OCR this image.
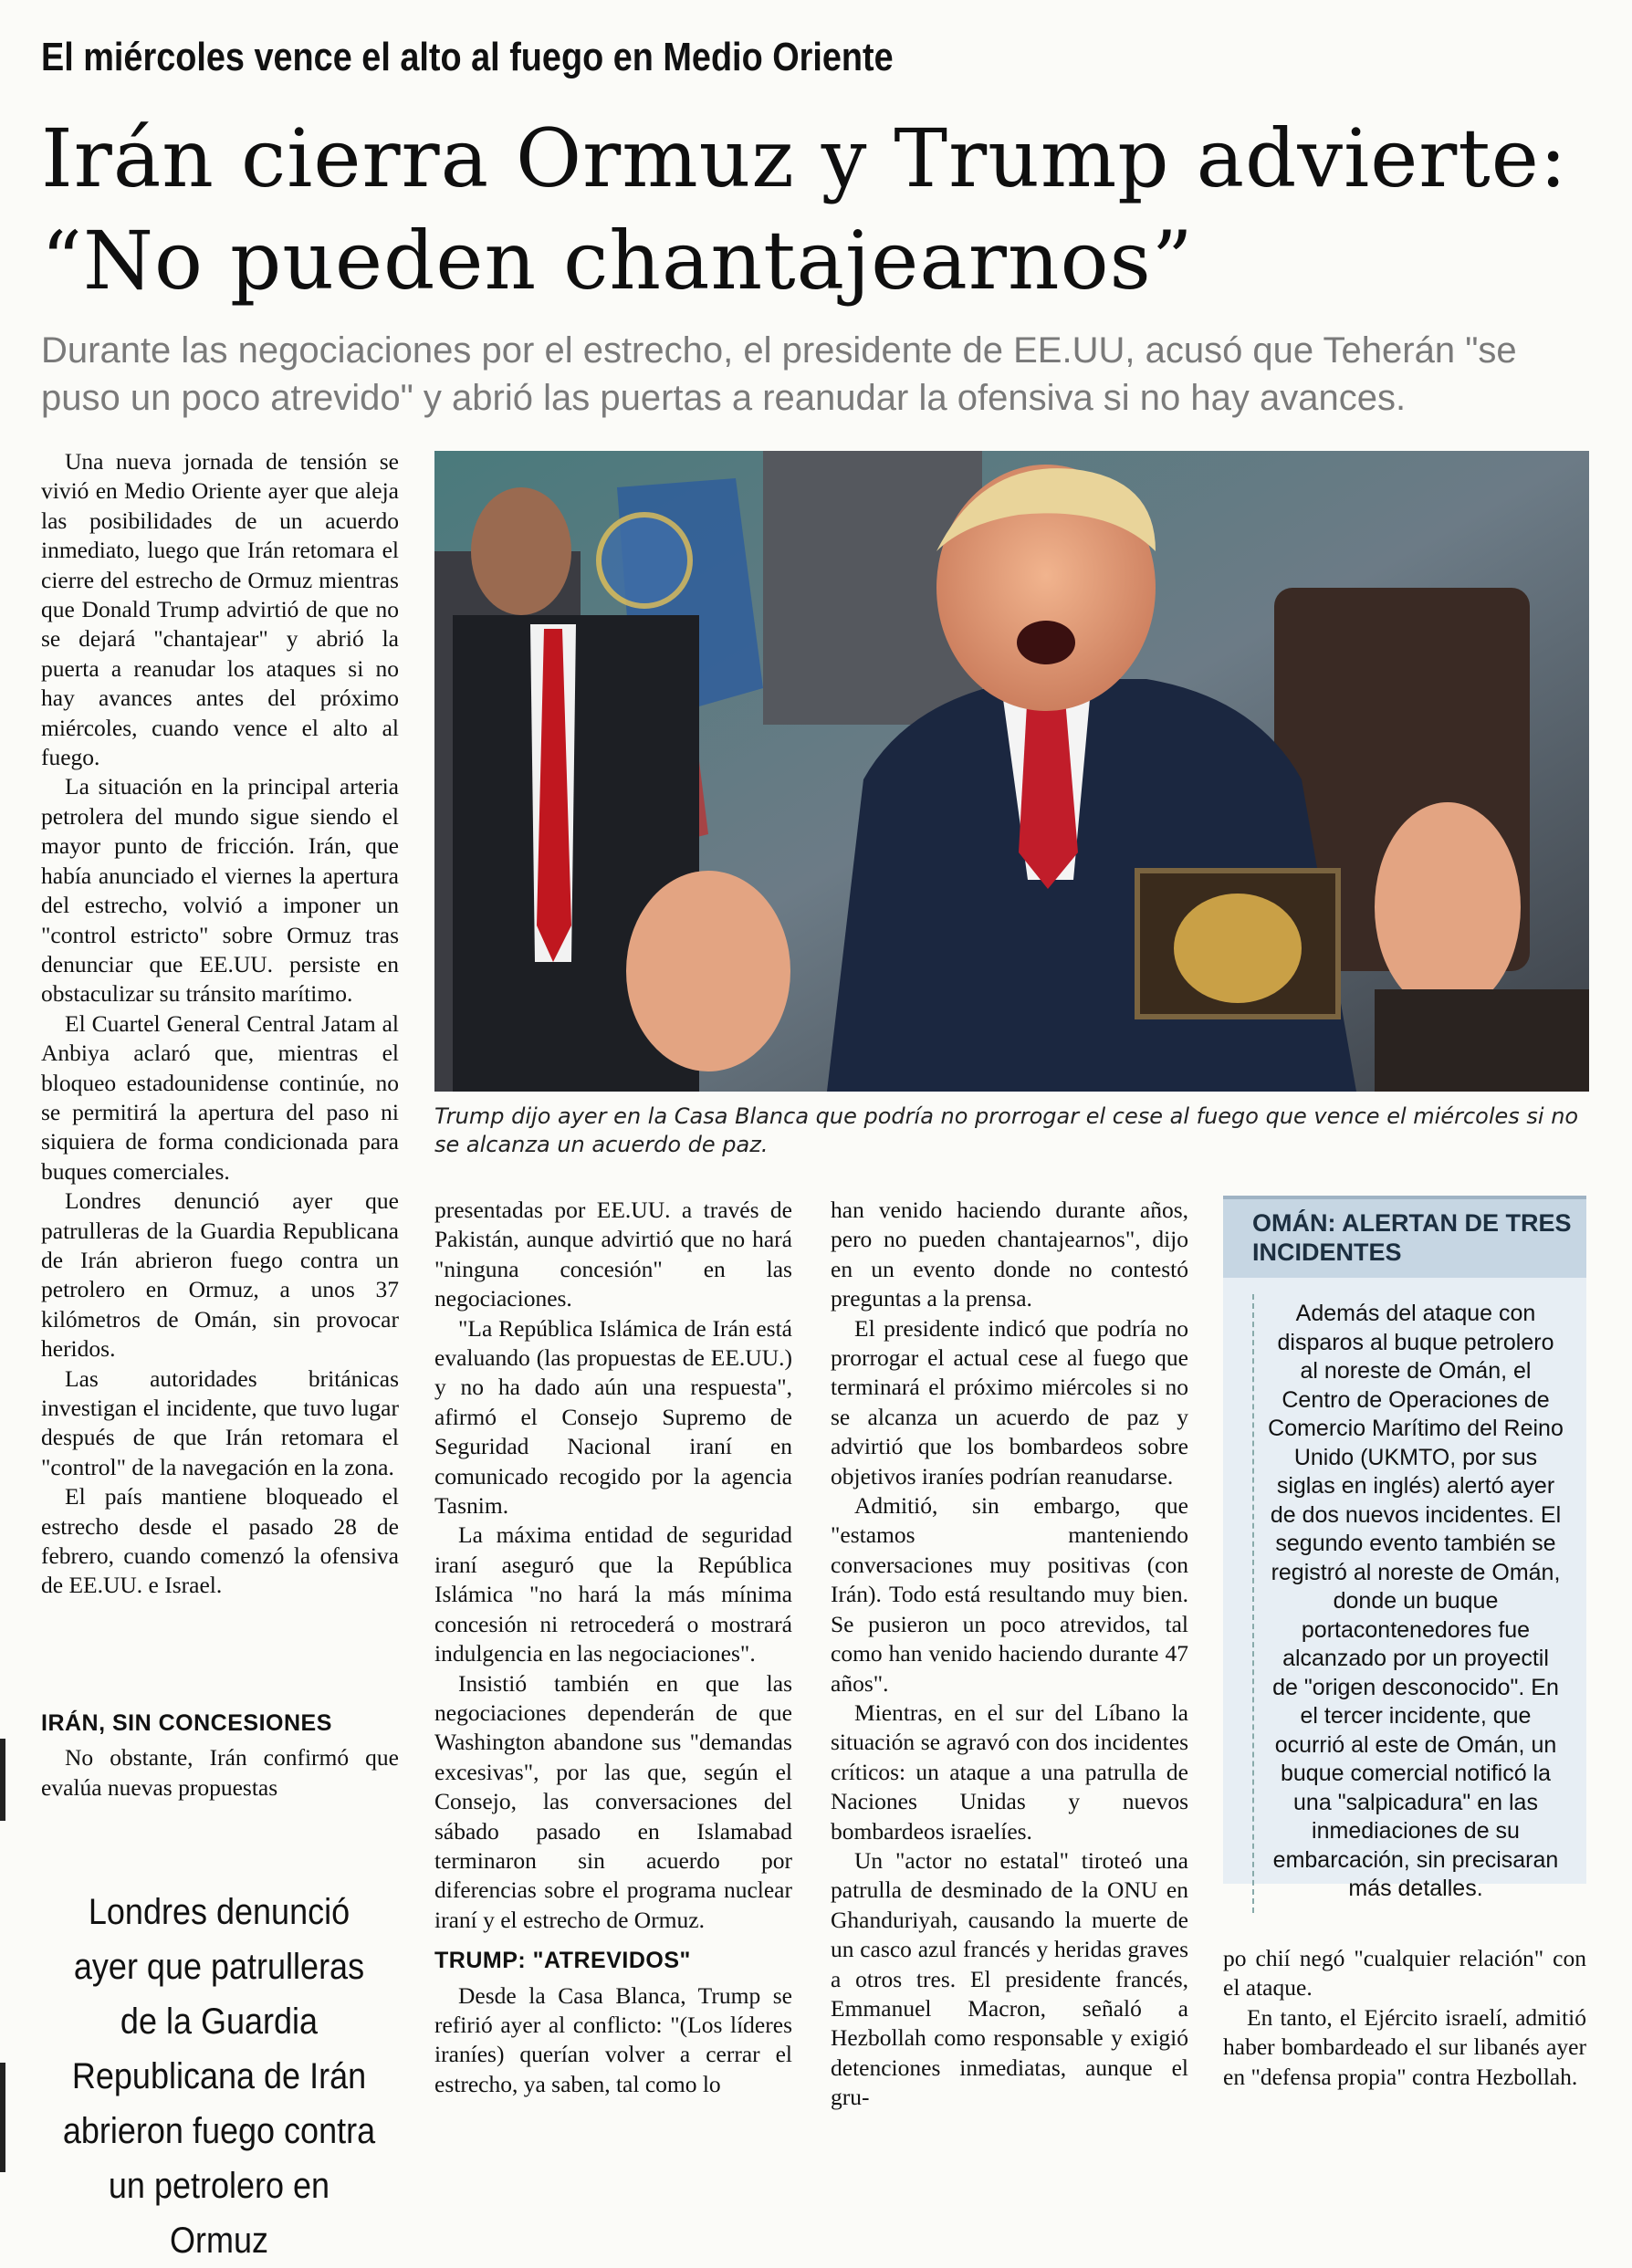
El miércoles vence el alto al fuego en Medio Oriente
Irán cierra Ormuz y Trump advierte:
“No pueden chantajearnos”
Durante las negociaciones por el estrecho, el presidente de EE.UU, acusó que Teherán "se puso un poco atrevido" y abrió las puertas a reanudar la ofensiva si no hay avances.

Una nueva jornada de tensión se vivió en Medio Oriente ayer que aleja las posibilidades de un acuerdo inmediato, luego que Irán retomara el cierre del estrecho de Ormuz mientras que Donald Trump advirtió de que no se dejará "chantajear" y abrió la puerta a reanudar los ataques si no hay avances antes del próximo miércoles, cuando vence el alto al fuego.

La situación en la principal arteria petrolera del mundo sigue siendo el mayor punto de fricción. Irán, que había anunciado el viernes la apertura del estrecho, volvió a imponer un "control estricto" sobre Ormuz tras denunciar que EE.UU. persiste en obstaculizar su tránsito marítimo.

El Cuartel General Central Jatam al Anbiya aclaró que, mientras el bloqueo estadounidense continúe, no se permitirá la apertura del paso ni siquiera de forma condicionada para buques comerciales.

Londres denunció ayer que patrulleras de la Guardia Republicana de Irán abrieron fuego contra un petrolero en Ormuz, a unos 37 kilómetros de Omán, sin provocar heridos.

Las autoridades británicas investigan el incidente, que tuvo lugar después de que Irán retomara el "control" de la navegación en la zona.

El país mantiene bloqueado el estrecho desde el pasado 28 de febrero, cuando comenzó la ofensiva de EE.UU. e Israel.

IRÁN, SIN CONCESIONES

No obstante, Irán confirmó que evalúa nuevas propuestas

Londres denunció ayer que patrulleras de la Guardia Republicana de Irán abrieron fuego contra un petrolero en Ormuz
Trump dijo ayer en la Casa Blanca que podría no prorrogar el cese al fuego que vence el miércoles si no se alcanza un acuerdo de paz.

presentadas por EE.UU. a través de Pakistán, aunque advirtió que no hará "ninguna concesión" en las negociaciones.

"La República Islámica de Irán está evaluando (las propuestas de EE.UU.) y no ha dado aún una respuesta", afirmó el Consejo Supremo de Seguridad Nacional iraní en comunicado recogido por la agencia Tasnim.

La máxima entidad de seguridad iraní aseguró que la República Islámica "no hará la más mínima concesión ni retrocederá o mostrará indulgencia en las negociaciones".

Insistió también en que las negociaciones dependerán de que Washington abandone sus "demandas excesivas", por las que, según el Consejo, las conversaciones del sábado pasado en Islamabad terminaron sin acuerdo por diferencias sobre el programa nuclear iraní y el estrecho de Ormuz.

TRUMP: "ATREVIDOS"

Desde la Casa Blanca, Trump se refirió ayer al conflicto: "(Los líderes iraníes) querían volver a cerrar el estrecho, ya saben, tal como lo

han venido haciendo durante años, pero no pueden chantajearnos", dijo en un evento donde no contestó preguntas a la prensa.

El presidente indicó que podría no prorrogar el actual cese al fuego que terminará el próximo miércoles si no se alcanza un acuerdo de paz y advirtió que los bombardeos sobre objetivos iraníes podrían reanudarse.

Admitió, sin embargo, que "estamos manteniendo conversaciones muy positivas (con Irán). Todo está resultando muy bien. Se pusieron un poco atrevidos, tal como han venido haciendo durante 47 años".

Mientras, en el sur del Líbano la situación se agravó con dos incidentes críticos: un ataque a una patrulla de Naciones Unidas y nuevos bombardeos israelíes.

Un "actor no estatal" tiroteó una patrulla de desminado de la ONU en Ghanduriyah, causando la muerte de un casco azul francés y heridas graves a otros tres. El presidente francés, Emmanuel Macron, señaló a Hezbollah como responsable y exigió detenciones inmediatas, aunque el gru-

OMÁN: ALERTAN DE TRES INCIDENTES
Además del ataque con disparos al buque petrolero al noreste de Omán, el Centro de Operaciones de Comercio Marítimo del Reino Unido (UKMTO, por sus siglas en inglés) alertó ayer de dos nuevos incidentes. El segundo evento también se registró al noreste de Omán, donde un buque portacontenedores fue alcanzado por un proyectil de "origen desconocido". En el tercer incidente, que ocurrió al este de Omán, un buque comercial notificó la una "salpicadura" en las inmediaciones de su embarcación, sin precisaran más detalles.

po chií negó "cualquier relación" con el ataque.

En tanto, el Ejército israelí, admitió haber bombardeado el sur libanés ayer en "defensa propia" contra Hezbollah.
